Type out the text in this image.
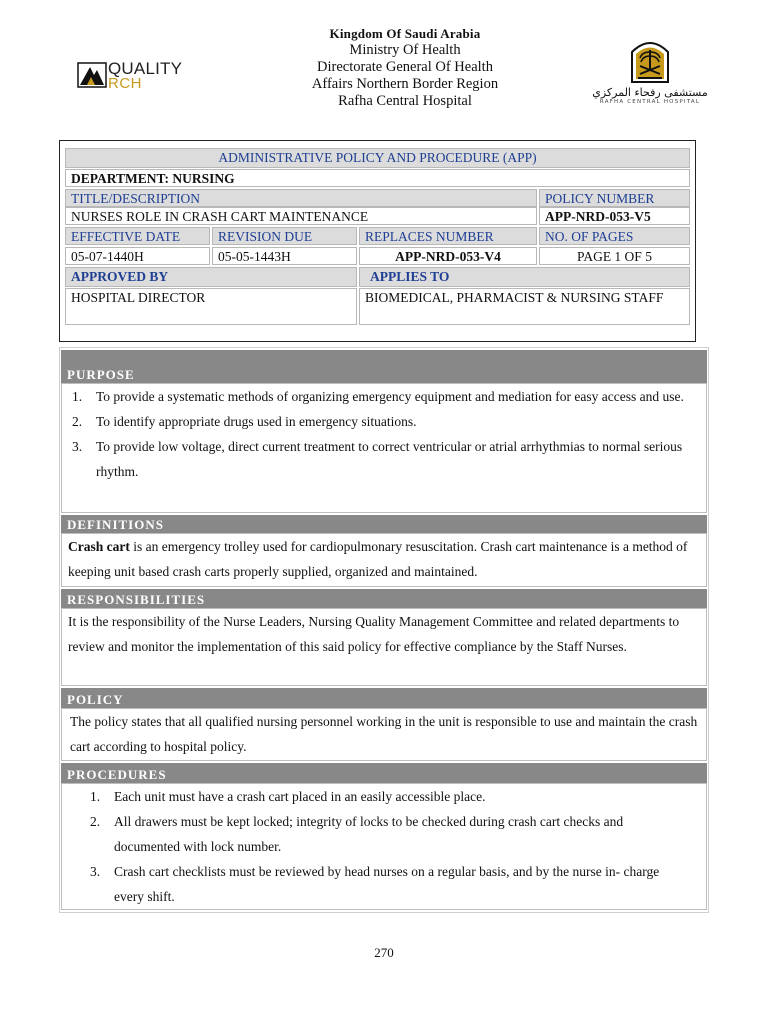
Kingdom Of Saudi Arabia
Ministry Of Health
Directorate General Of Health
Affairs Northern Border Region
Rafha Central Hospital
QUALITY
RCH
مستشفى رفحاء المركزي
RAFHA CENTRAL HOSPITAL
ADMINISTRATIVE POLICY AND PROCEDURE (APP)
DEPARTMENT: NURSING
TITLE/DESCRIPTION	POLICY NUMBER
NURSES ROLE IN CRASH CART MAINTENANCE	APP-NRD-053-V5
EFFECTIVE DATE	REVISION DUE	REPLACES NUMBER	NO. OF PAGES
05-07-1440H	05-05-1443H	APP-NRD-053-V4	PAGE 1 OF 5
APPROVED BY	APPLIES TO
HOSPITAL DIRECTOR	BIOMEDICAL, PHARMACIST & NURSING STAFF
PURPOSE
1. To provide a systematic methods of organizing emergency equipment and mediation for easy access and use.
2. To identify appropriate drugs used in emergency situations.
3. To provide low voltage, direct current treatment to correct ventricular or atrial arrhythmias to normal serious rhythm.
DEFINITIONS
Crash cart is an emergency trolley used for cardiopulmonary resuscitation. Crash cart maintenance is a method of keeping unit based crash carts properly supplied, organized and maintained.
RESPONSIBILITIES
It is the responsibility of the Nurse Leaders, Nursing Quality Management Committee and related departments to review and monitor the implementation of this said policy for effective compliance by the Staff Nurses.
POLICY
The policy states that all qualified nursing personnel working in the unit is responsible to use and maintain the crash cart according to hospital policy.
PROCEDURES
1. Each unit must have a crash cart placed in an easily accessible place.
2. All drawers must be kept locked; integrity of locks to be checked during crash cart checks and documented with lock number.
3. Crash cart checklists must be reviewed by head nurses on a regular basis, and by the nurse in- charge every shift.
270
